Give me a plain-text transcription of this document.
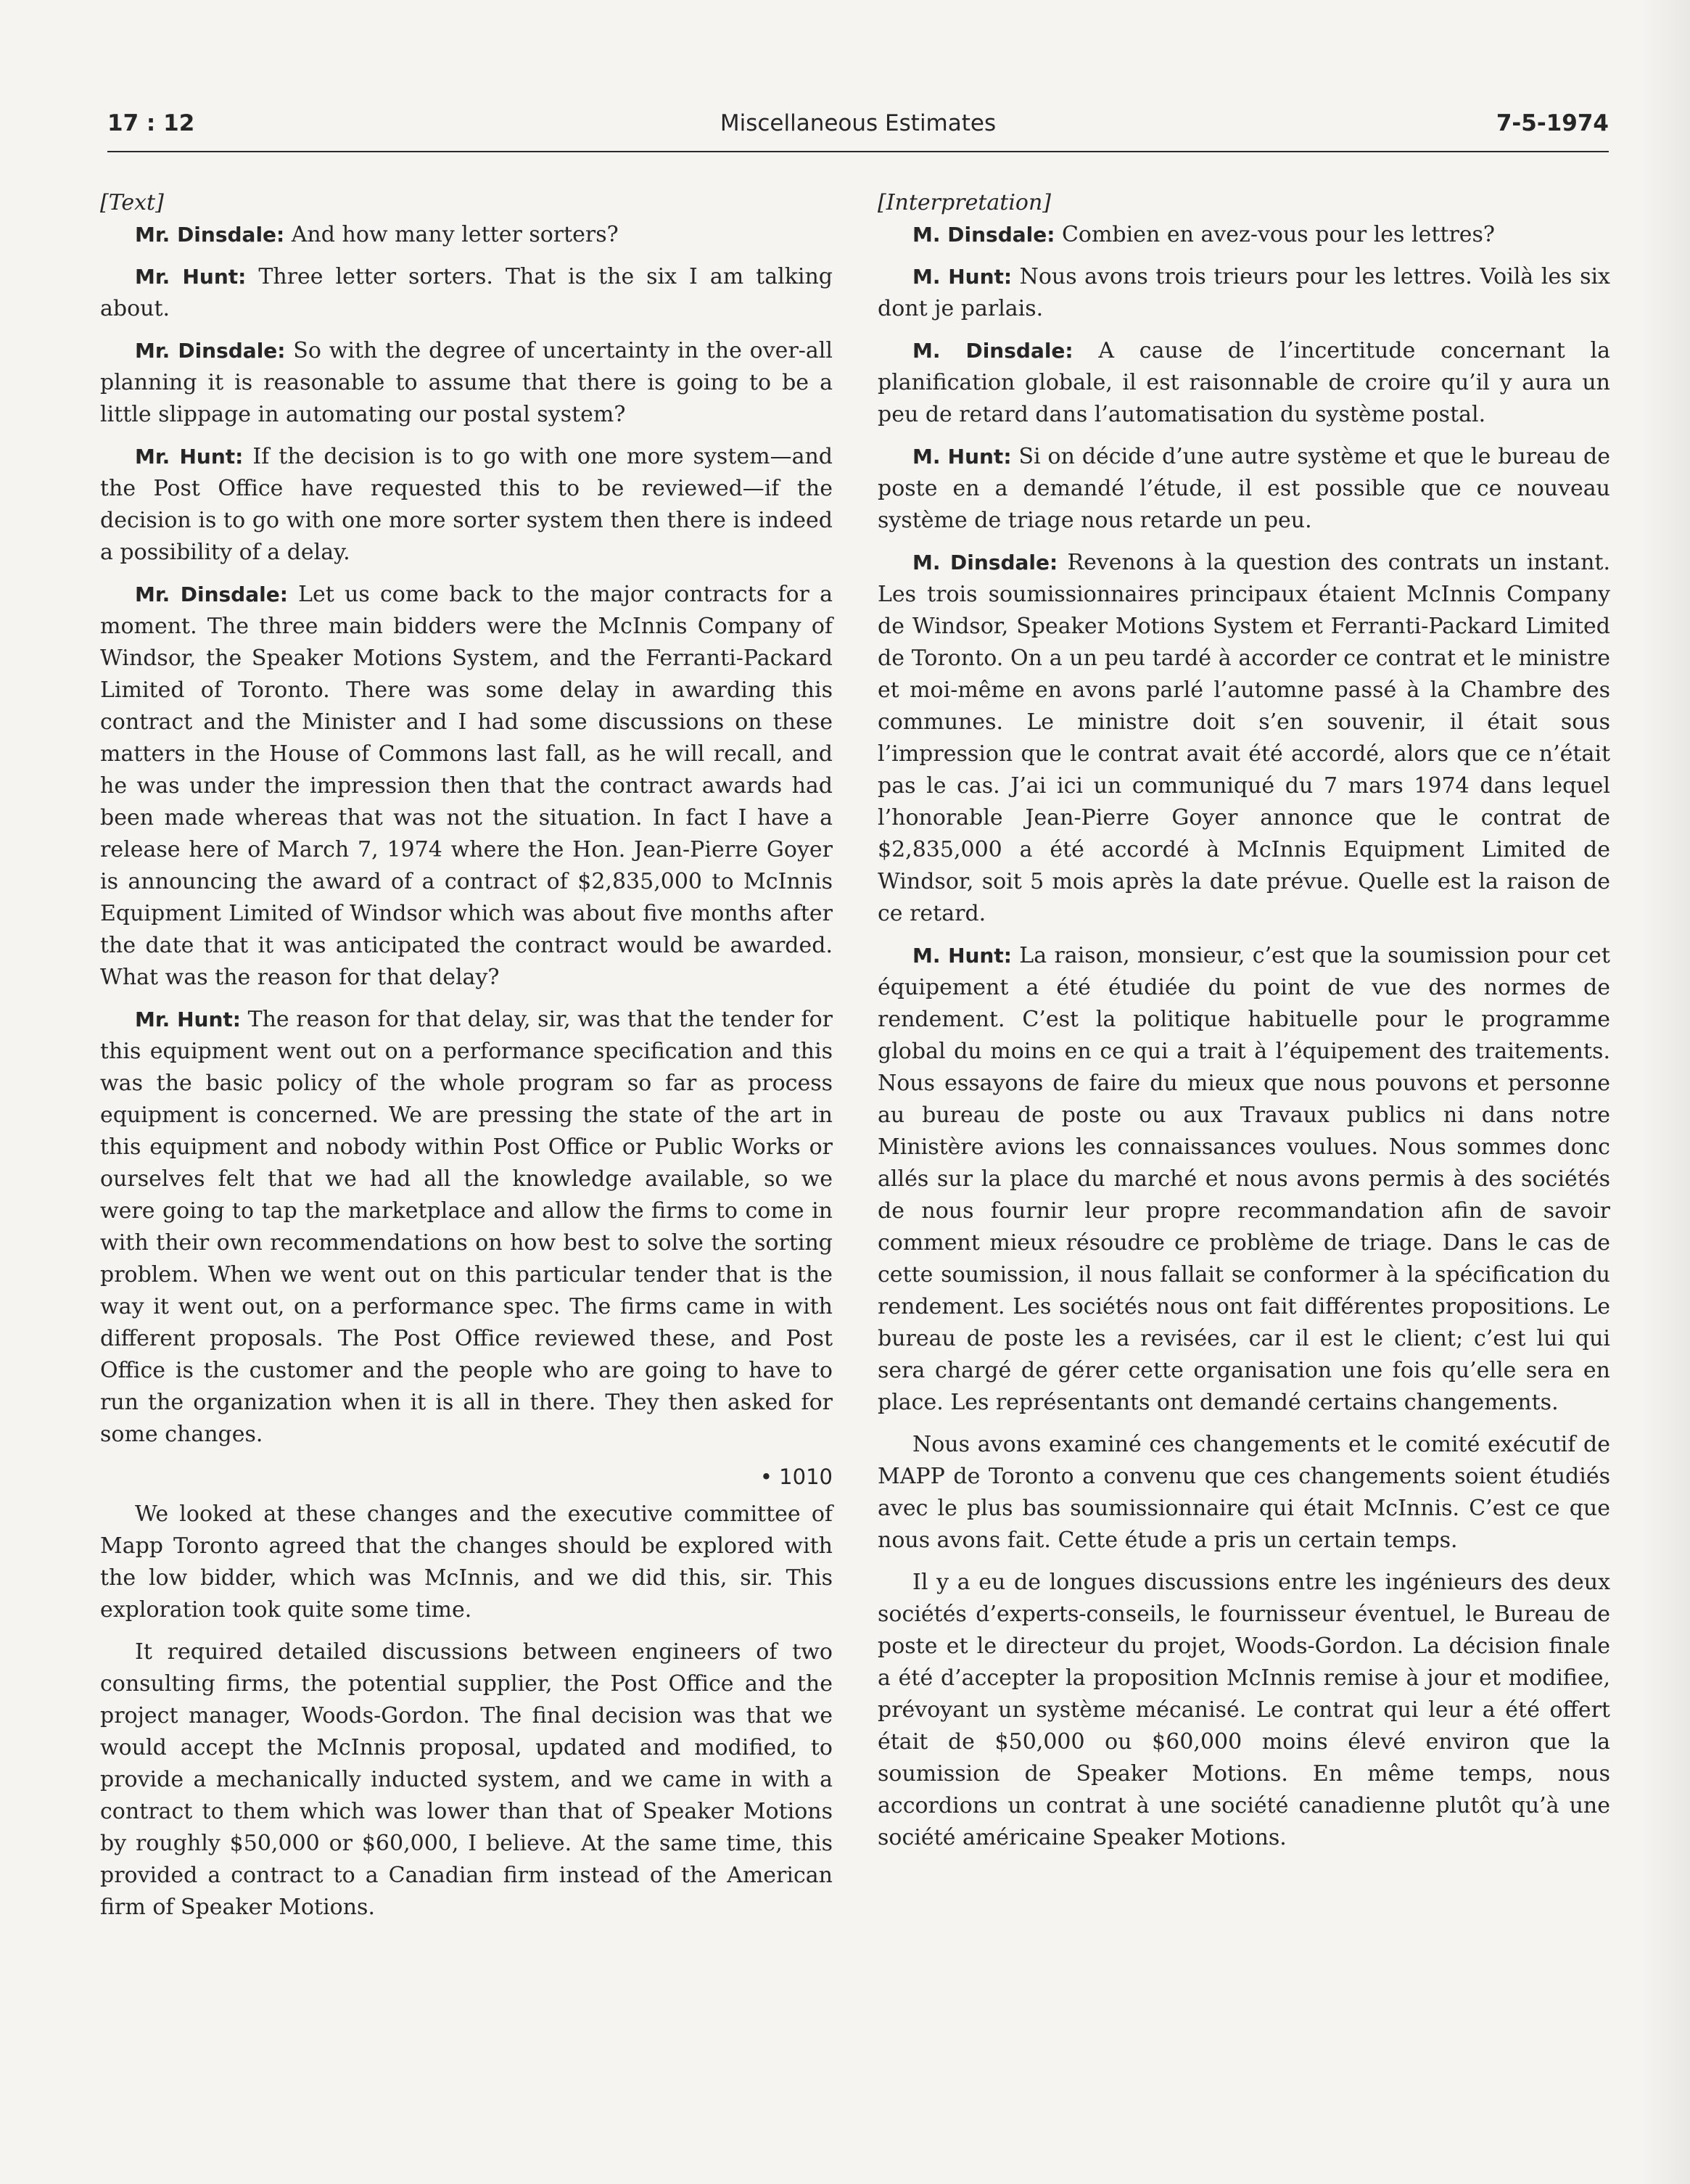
17 : 12	Miscellaneous Estimates	7-5-1974

[Text]

Mr. Dinsdale: And how many letter sorters?

Mr. Hunt: Three letter sorters. That is the six I am talking about.

Mr. Dinsdale: So with the degree of uncertainty in the over-all planning it is reasonable to assume that there is going to be a little slippage in automating our postal system?

Mr. Hunt: If the decision is to go with one more system—and the Post Office have requested this to be reviewed—if the decision is to go with one more sorter system then there is indeed a possibility of a delay.

Mr. Dinsdale: Let us come back to the major contracts for a moment. The three main bidders were the McInnis Company of Windsor, the Speaker Motions System, and the Ferranti-Packard Limited of Toronto. There was some delay in awarding this contract and the Minister and I had some discussions on these matters in the House of Commons last fall, as he will recall, and he was under the impression then that the contract awards had been made whereas that was not the situation. In fact I have a release here of March 7, 1974 where the Hon. Jean-Pierre Goyer is announcing the award of a contract of $2,835,000 to McInnis Equipment Limited of Windsor which was about five months after the date that it was anticipated the contract would be awarded. What was the reason for that delay?

Mr. Hunt: The reason for that delay, sir, was that the tender for this equipment went out on a performance specification and this was the basic policy of the whole program so far as process equipment is concerned. We are pressing the state of the art in this equipment and nobody within Post Office or Public Works or ourselves felt that we had all the knowledge available, so we were going to tap the marketplace and allow the firms to come in with their own recommendations on how best to solve the sorting problem. When we went out on this particular tender that is the way it went out, on a performance spec. The firms came in with different proposals. The Post Office reviewed these, and Post Office is the customer and the people who are going to have to run the organization when it is all in there. They then asked for some changes.

• 1010

We looked at these changes and the executive committee of Mapp Toronto agreed that the changes should be explored with the low bidder, which was McInnis, and we did this, sir. This exploration took quite some time.

It required detailed discussions between engineers of two consulting firms, the potential supplier, the Post Office and the project manager, Woods-Gordon. The final decision was that we would accept the McInnis proposal, updated and modified, to provide a mechanically inducted system, and we came in with a contract to them which was lower than that of Speaker Motions by roughly $50,000 or $60,000, I believe. At the same time, this provided a contract to a Canadian firm instead of the American firm of Speaker Motions.

[Interpretation]

M. Dinsdale: Combien en avez-vous pour les lettres?

M. Hunt: Nous avons trois trieurs pour les lettres. Voilà les six dont je parlais.

M. Dinsdale: A cause de l’incertitude concernant la planification globale, il est raisonnable de croire qu’il y aura un peu de retard dans l’automatisation du système postal.

M. Hunt: Si on décide d’une autre système et que le bureau de poste en a demandé l’étude, il est possible que ce nouveau système de triage nous retarde un peu.

M. Dinsdale: Revenons à la question des contrats un instant. Les trois soumissionnaires principaux étaient McInnis Company de Windsor, Speaker Motions System et Ferranti-Packard Limited de Toronto. On a un peu tardé à accorder ce contrat et le ministre et moi-même en avons parlé l’automne passé à la Chambre des communes. Le ministre doit s’en souvenir, il était sous l’impression que le contrat avait été accordé, alors que ce n’était pas le cas. J’ai ici un communiqué du 7 mars 1974 dans lequel l’honorable Jean-Pierre Goyer annonce que le contrat de $2,835,000 a été accordé à McInnis Equipment Limited de Windsor, soit 5 mois après la date prévue. Quelle est la raison de ce retard.

M. Hunt: La raison, monsieur, c’est que la soumission pour cet équipement a été étudiée du point de vue des normes de rendement. C’est la politique habituelle pour le programme global du moins en ce qui a trait à l’équipement des traitements. Nous essayons de faire du mieux que nous pouvons et personne au bureau de poste ou aux Travaux publics ni dans notre Ministère avions les connaissances voulues. Nous sommes donc allés sur la place du marché et nous avons permis à des sociétés de nous fournir leur propre recommandation afin de savoir comment mieux résoudre ce problème de triage. Dans le cas de cette soumission, il nous fallait se conformer à la spécification du rendement. Les sociétés nous ont fait différentes propositions. Le bureau de poste les a revisées, car il est le client; c’est lui qui sera chargé de gérer cette organisation une fois qu’elle sera en place. Les représentants ont demandé certains changements.

Nous avons examiné ces changements et le comité exécutif de MAPP de Toronto a convenu que ces changements soient étudiés avec le plus bas soumissionnaire qui était McInnis. C’est ce que nous avons fait. Cette étude a pris un certain temps.

Il y a eu de longues discussions entre les ingénieurs des deux sociétés d’experts-conseils, le fournisseur éventuel, le Bureau de poste et le directeur du projet, Woods-Gordon. La décision finale a été d’accepter la proposition McInnis remise à jour et modifiee, prévoyant un système mécanisé. Le contrat qui leur a été offert était de $50,000 ou $60,000 moins élevé environ que la soumission de Speaker Motions. En même temps, nous accordions un contrat à une société canadienne plutôt qu’à une société américaine Speaker Motions.
